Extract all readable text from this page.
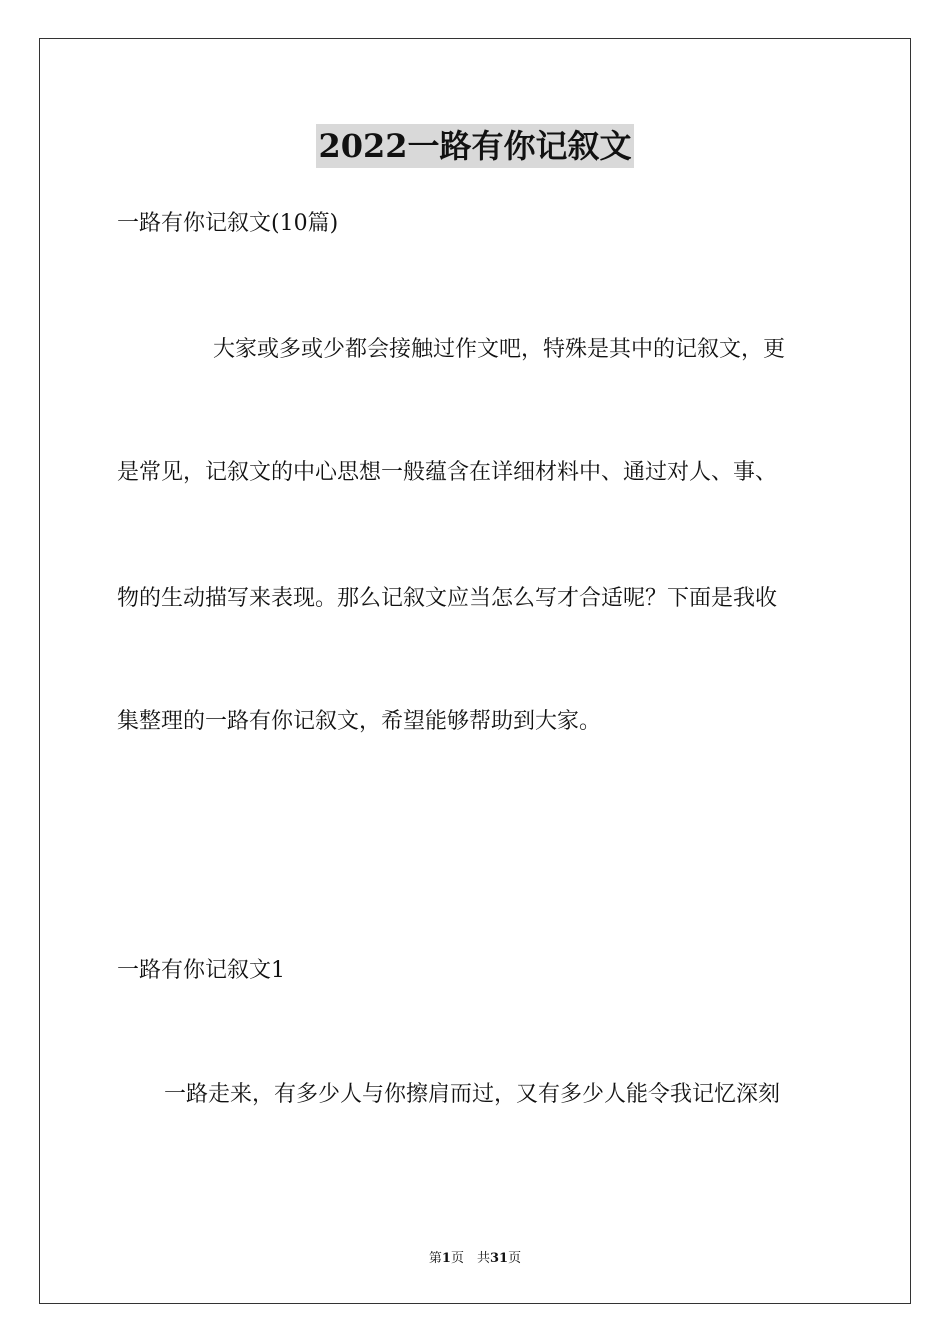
2022一路有你记叙文
一路有你记叙文(10篇)
大家或多或少都会接触过作文吧，特殊是其中的记叙文，更
是常见，记叙文的中心思想一般蕴含在详细材料中、通过对人、事、
物的生动描写来表现。那么记叙文应当怎么写才合适呢？下面是我收
集整理的一路有你记叙文，希望能够帮助到大家。
一路有你记叙文1
一路走来，有多少人与你擦肩而过，又有多少人能令我记忆深刻
第1页　共31页
